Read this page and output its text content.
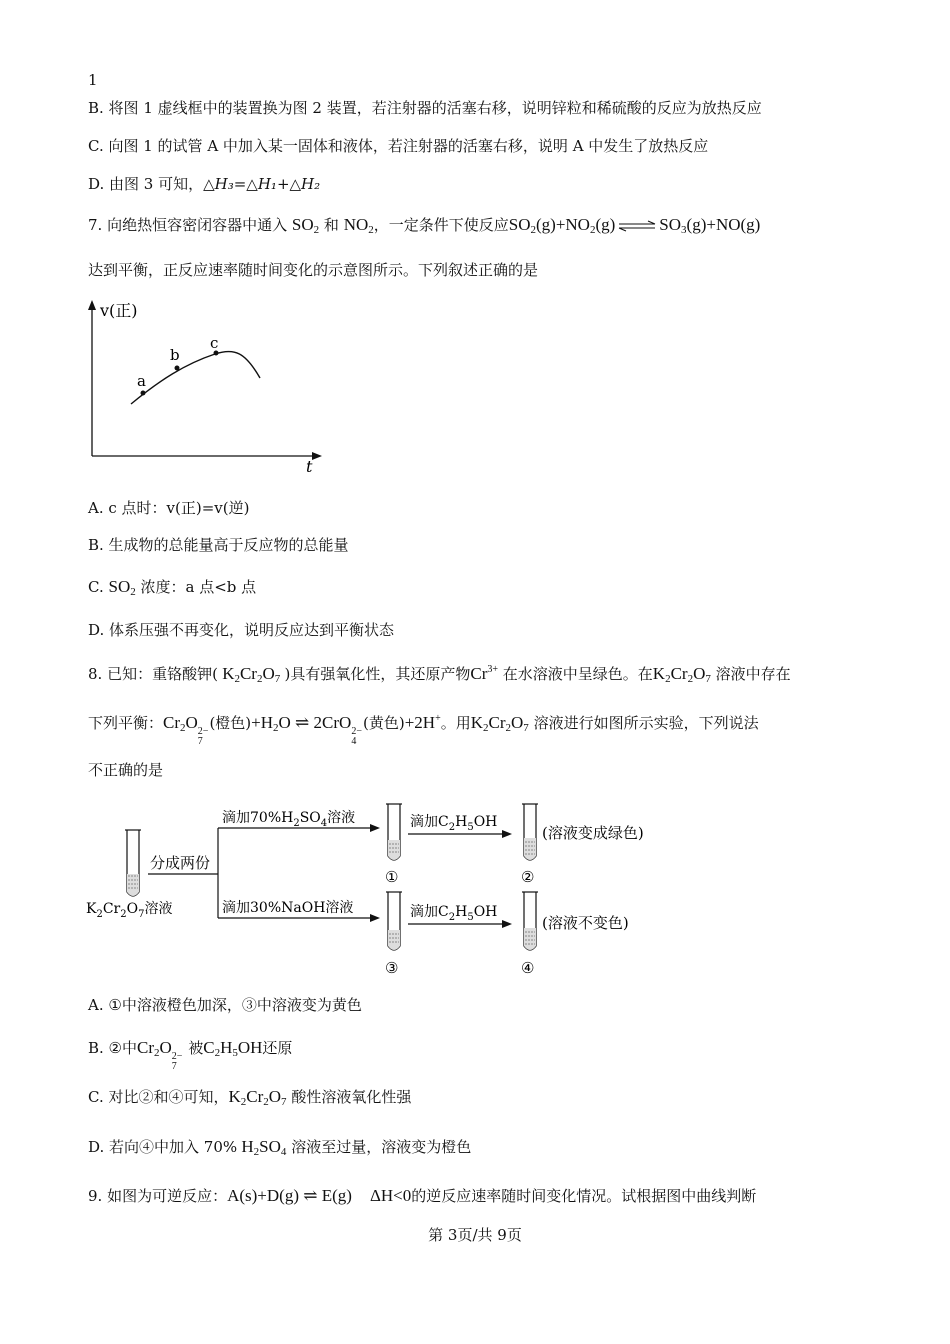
1
B. 将图 1 虚线框中的装置换为图 2 装置，若注射器的活塞右移，说明锌粒和稀硫酸的反应为放热反应
C. 向图 1 的试管 A 中加入某一固体和液体，若注射器的活塞右移，说明 A 中发生了放热反应
D. 由图 3 可知，△H₃=△H₁+△H₂
7. 向绝热恒容密闭容器中通入 $SO_2$ 和 $NO_2$，一定条件下使反应$SO_2(g)+NO_2(g)$ ⇌ $SO_3(g)+NO(g)$
达到平衡，正反应速率随时间变化的示意图所示。下列叙述正确的是
v(正)
t
a
b
c
A. c 点时：v(正)=v(逆)
B. 生成物的总能量高于反应物的总能量
C. $SO_2$ 浓度：a 点<b 点
D. 体系压强不再变化，说明反应达到平衡状态
8. 已知：重铬酸钾( $K_2Cr_2O_7$ )具有强氧化性，其还原产物$Cr^{3+}$ 在水溶液中呈绿色。在$K_2Cr_2O_7$ 溶液中存在
下列平衡：$Cr_2O$ 2−
7
(橙色)$+H_2O$ ⇌ 2CrO 2−
4
(黄色)+2H+。用$K_2Cr_2O_7$ 溶液进行如图所示实验，下列说法
不正确的是
$K_2Cr_2O_7$溶液
分成两份
滴加$70\%H_2SO_4$溶液
滴加30%NaOH溶液
①
③
滴加$C_2H_5OH$
滴加$C_2H_5OH$
②
(溶液变成绿色)
④
(溶液不变色)
A. ①中溶液橙色加深，③中溶液变为黄色
B. ②中$Cr_2O$ 2−
7
被$C_2H_5OH$还原
C. 对比②和④可知，$K_2Cr_2O_7$ 酸性溶液氧化性强
D. 若向④中加入 70% $H_2SO_4$ 溶液至过量，溶液变为橙色
9. 如图为可逆反应：A(s)+D(g) ⇌ E(g) ΔH<0的逆反应速率随时间变化情况。试根据图中曲线判断
第 3页/共 9页
